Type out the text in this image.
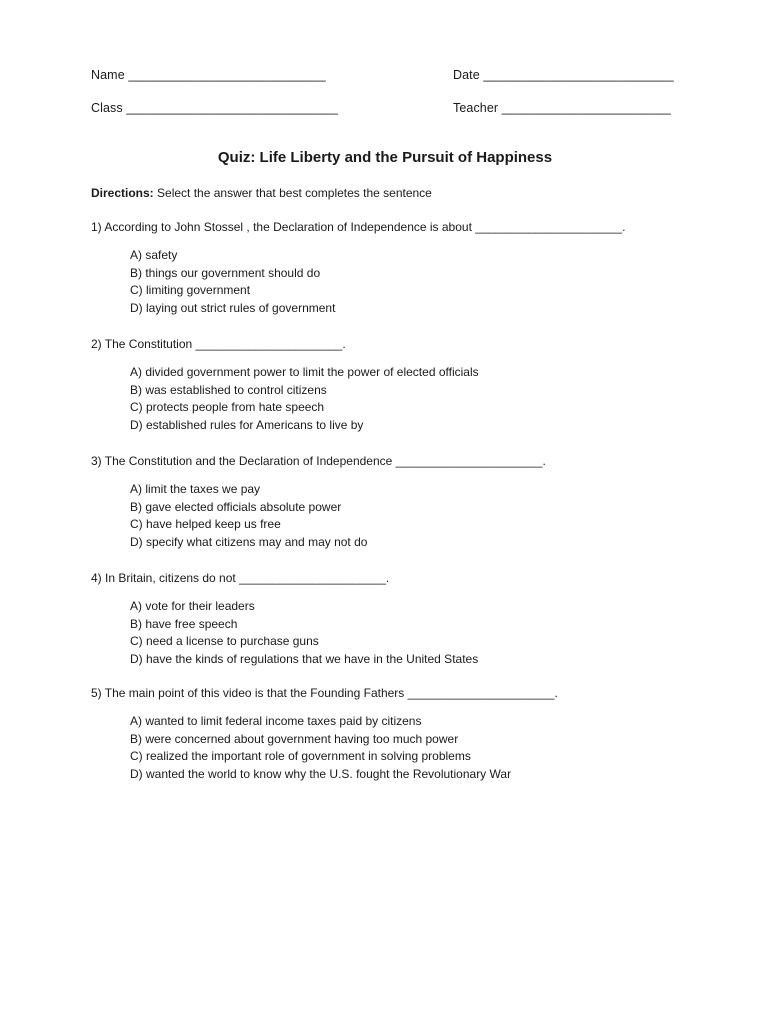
Name ____________________________	Date ___________________________
Class ______________________________	Teacher ________________________
Quiz: Life Liberty and the Pursuit of Happiness
Directions: Select the answer that best completes the sentence
1) According to John Stossel , the Declaration of Independence is about ______________________.
A) safety
B) things our government should do
C) limiting government
D) laying out strict rules of government
2) The Constitution ______________________.
A) divided government power to limit the power of elected officials
B) was established to control citizens
C) protects people from hate speech
D) established rules for Americans to live by
3) The Constitution and the Declaration of Independence ______________________.
A) limit the taxes we pay
B) gave elected officials absolute power
C) have helped keep us free
D) specify what citizens may and may not do
4) In Britain, citizens do not ______________________.
A) vote for their leaders
B) have free speech
C) need a license to purchase guns
D) have the kinds of regulations that we have in the United States
5) The main point of this video is that the Founding Fathers ______________________.
A) wanted to limit federal income taxes paid by citizens
B) were concerned about government having too much power
C) realized the important role of government in solving problems
D) wanted the world to know why the U.S. fought the Revolutionary War
